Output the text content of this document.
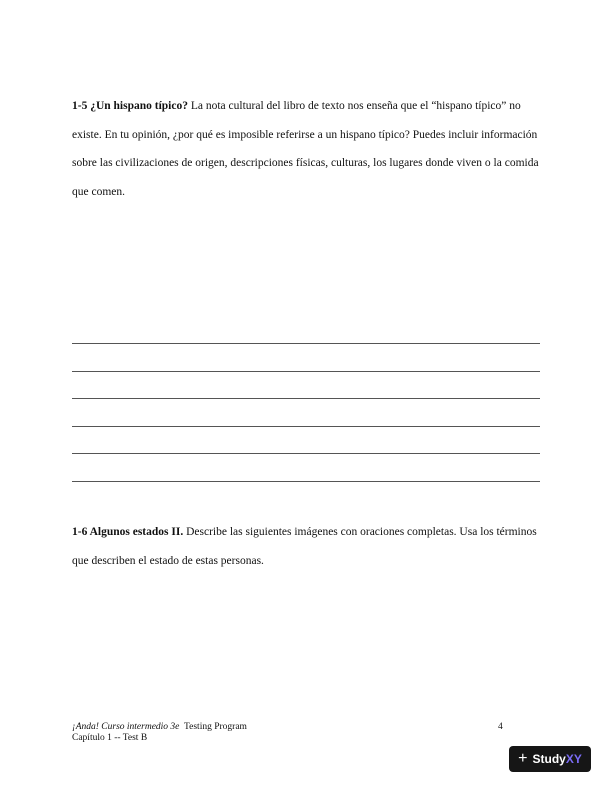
1-5 ¿Un hispano típico? La nota cultural del libro de texto nos enseña que el “hispano típico” no existe. En tu opinión, ¿por qué es imposible referirse a un hispano típico? Puedes incluir información sobre las civilizaciones de origen, descripciones físicas, culturas, los lugares donde viven o la comida que comen.

1-6 Algunos estados II. Describe las siguientes imágenes con oraciones completas. Usa los términos que describen el estado de estas personas.

¡Anda! Curso intermedio 3e Testing Program
Capítulo 1 -- Test B
4
+ Study XY
